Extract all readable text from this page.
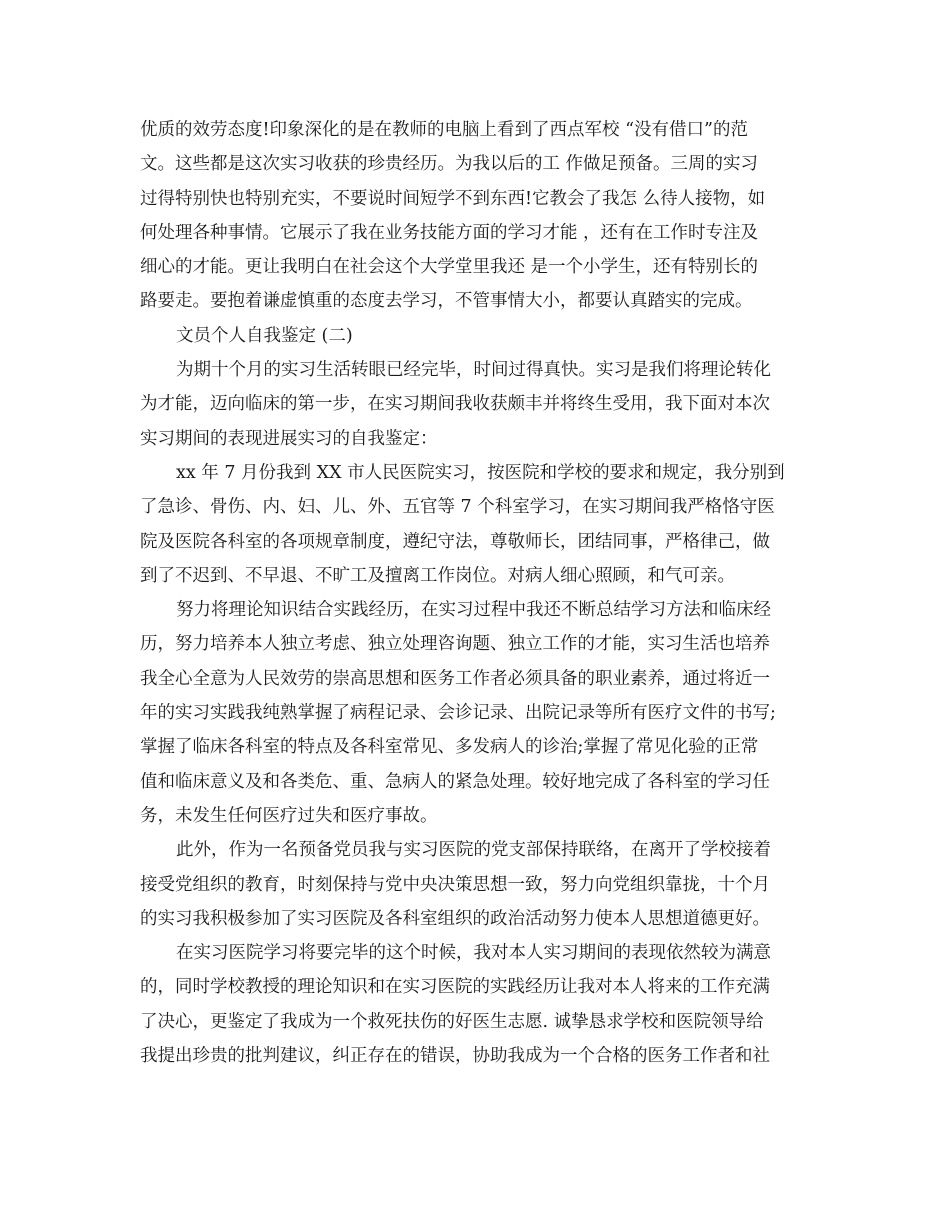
优质的效劳态度!印象深化的是在教师的电脑上看到了西点军校 “没有借口”的范
文。这些都是这次实习收获的珍贵经历。为我以后的工 作做足预备。三周的实习
过得特别快也特别充实，不要说时间短学不到东西!它教会了我怎 么待人接物，如
何处理各种事情。它展示了我在业务技能方面的学习才能 ，还有在工作时专注及
细心的才能。更让我明白在社会这个大学堂里我还 是一个小学生，还有特别长的
路要走。要抱着谦虚慎重的态度去学习，不管事情大小，都要认真踏实的完成。
文员个人自我鉴定 (二)
为期十个月的实习生活转眼已经完毕，时间过得真快。实习是我们将理论转化
为才能，迈向临床的第一步，在实习期间我收获颇丰并将终生受用，我下面对本次
实习期间的表现进展实习的自我鉴定：
xx 年 7 月份我到 XX 市人民医院实习，按医院和学校的要求和规定，我分别到
了急诊、骨伤、内、妇、儿、外、五官等 7 个科室学习，在实习期间我严格恪守医
院及医院各科室的各项规章制度，遵纪守法，尊敬师长，团结同事，严格律己，做
到了不迟到、不早退、不旷工及擅离工作岗位。对病人细心照顾，和气可亲。
努力将理论知识结合实践经历，在实习过程中我还不断总结学习方法和临床经
历，努力培养本人独立考虑、独立处理咨询题、独立工作的才能，实习生活也培养
我全心全意为人民效劳的崇高思想和医务工作者必须具备的职业素养，通过将近一
年的实习实践我纯熟掌握了病程记录、会诊记录、出院记录等所有医疗文件的书写;
掌握了临床各科室的特点及各科室常见、多发病人的诊治;掌握了常见化验的正常
值和临床意义及和各类危、重、急病人的紧急处理。较好地完成了各科室的学习任
务，未发生任何医疗过失和医疗事故。
此外，作为一名预备党员我与实习医院的党支部保持联络，在离开了学校接着
接受党组织的教育，时刻保持与党中央决策思想一致，努力向党组织靠拢，十个月
的实习我积极参加了实习医院及各科室组织的政治活动努力使本人思想道德更好。
在实习医院学习将要完毕的这个时候，我对本人实习期间的表现依然较为满意
的，同时学校教授的理论知识和在实习医院的实践经历让我对本人将来的工作充满
了决心，更鉴定了我成为一个救死扶伤的好医生志愿. 诚挚恳求学校和医院领导给
我提出珍贵的批判建议，纠正存在的错误，协助我成为一个合格的医务工作者和社
